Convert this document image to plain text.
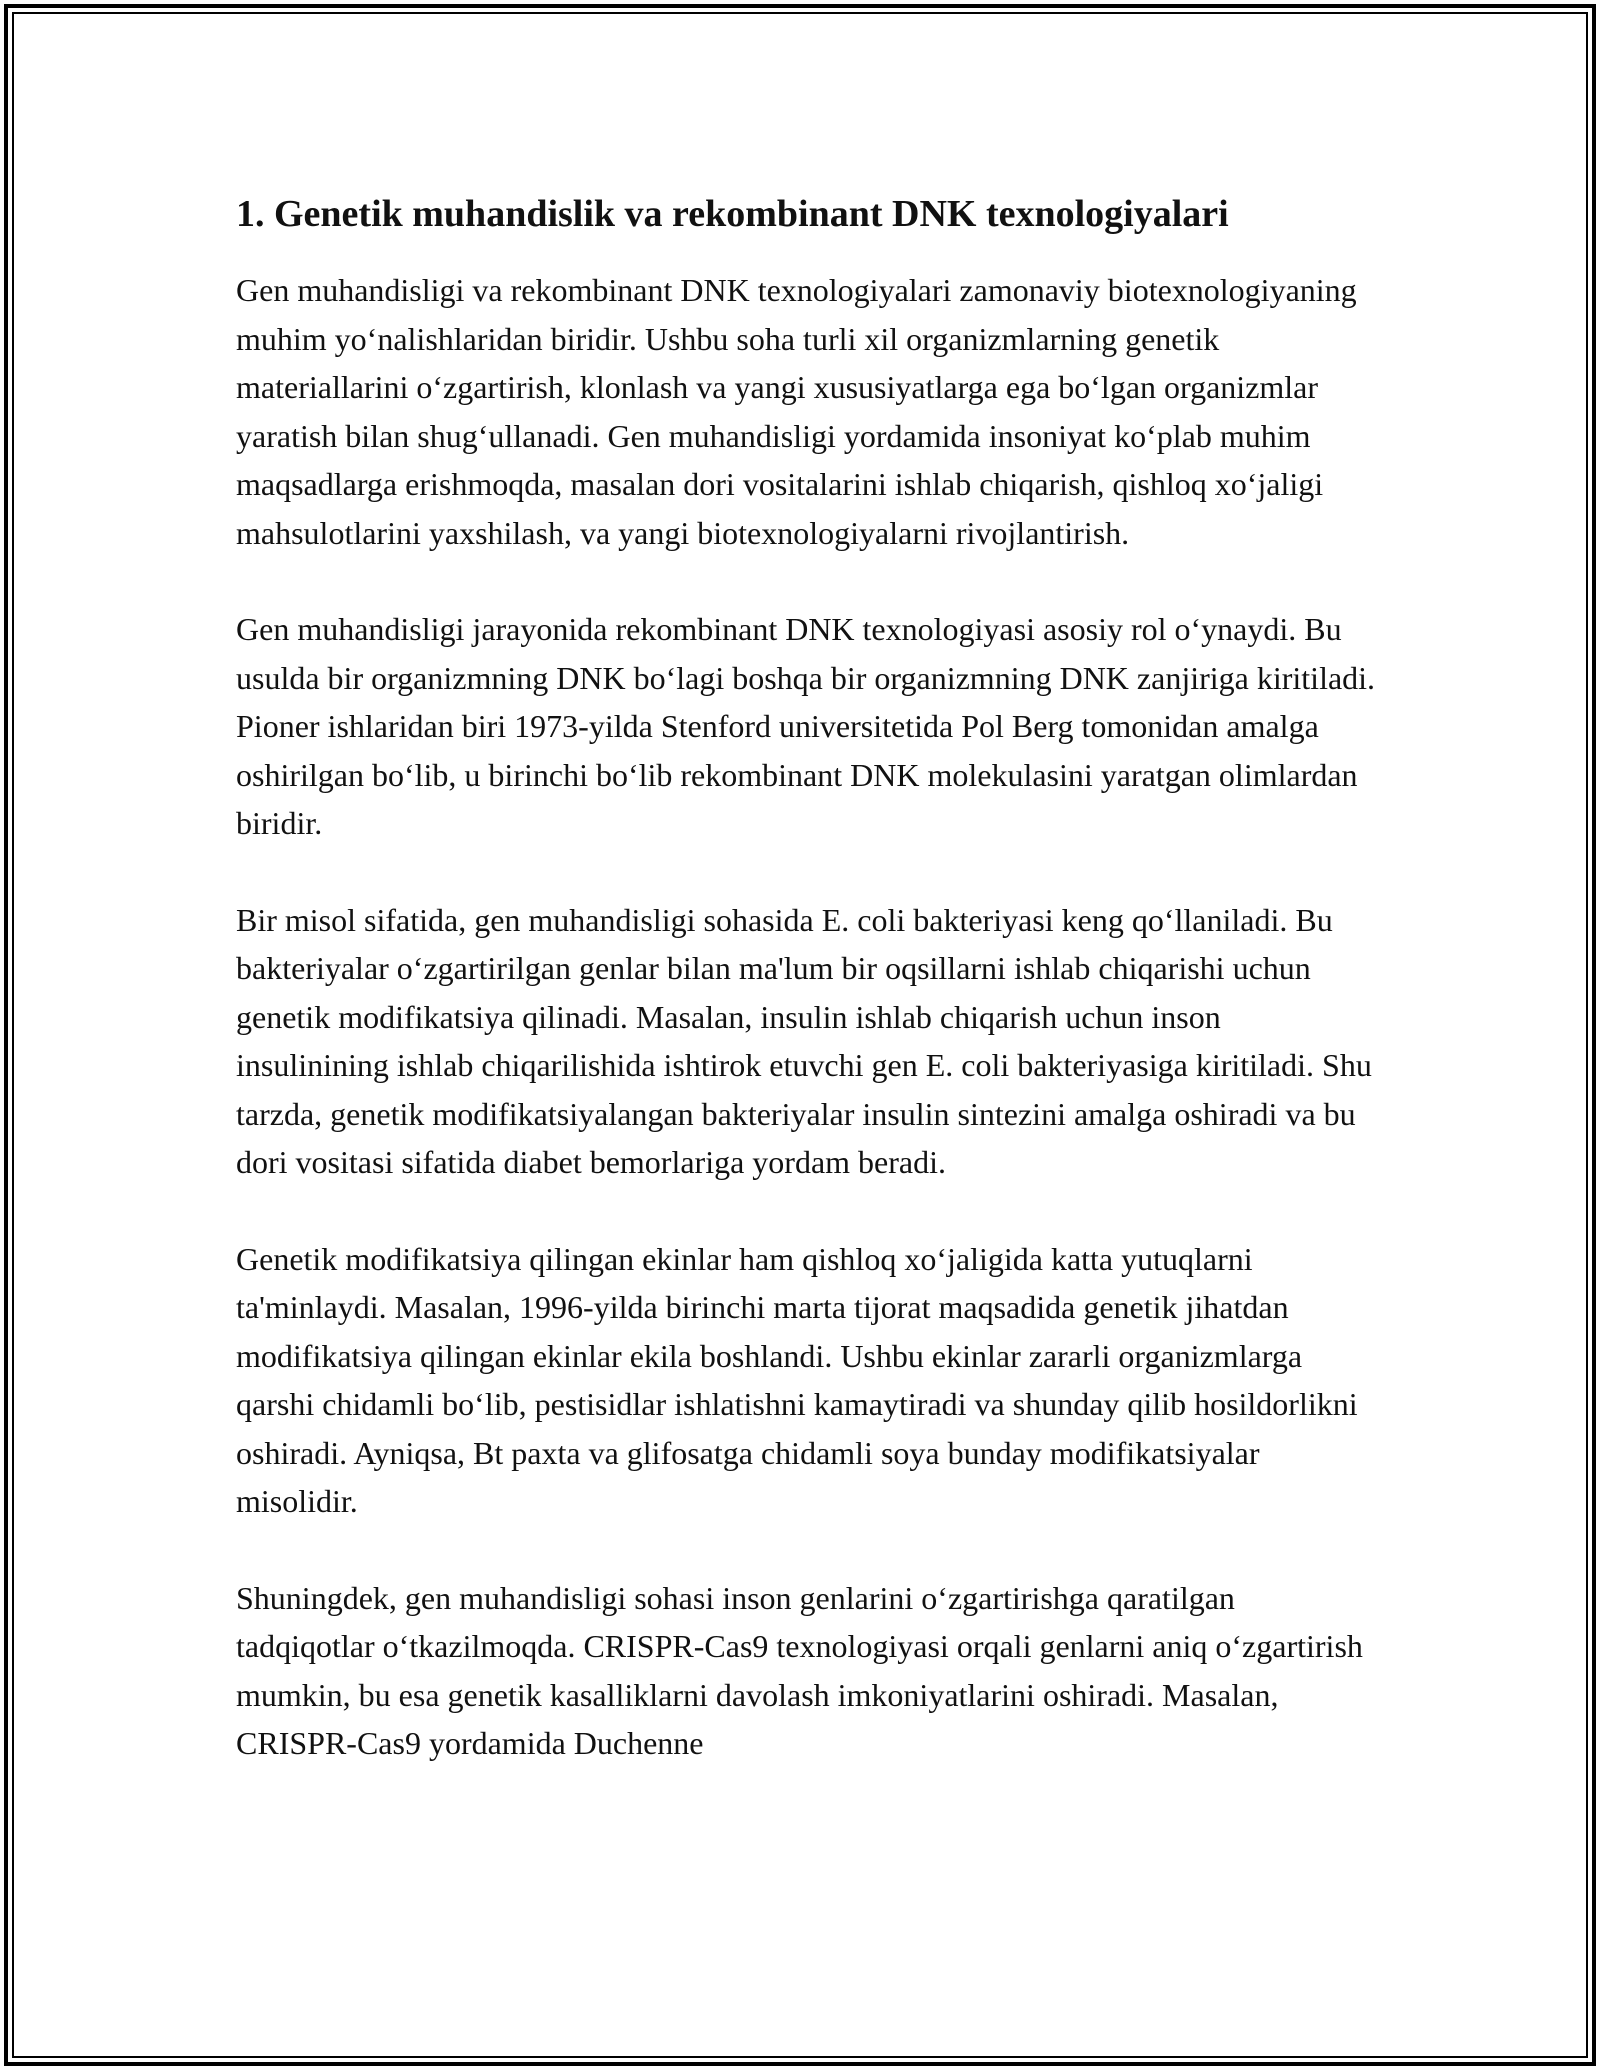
1. Genetik muhandislik va rekombinant DNK texnologiyalari

Gen muhandisligi va rekombinant DNK texnologiyalari zamonaviy biotexnologiyaning muhim yo‘nalishlaridan biridir. Ushbu soha turli xil organizmlarning genetik materiallarini o‘zgartirish, klonlash va yangi xususiyatlarga ega bo‘lgan organizmlar yaratish bilan shug‘ullanadi. Gen muhandisligi yordamida insoniyat ko‘plab muhim maqsadlarga erishmoqda, masalan dori vositalarini ishlab chiqarish, qishloq xo‘jaligi mahsulotlarini yaxshilash, va yangi biotexnologiyalarni rivojlantirish.

Gen muhandisligi jarayonida rekombinant DNK texnologiyasi asosiy rol o‘ynaydi. Bu usulda bir organizmning DNK bo‘lagi boshqa bir organizmning DNK zanjiriga kiritiladi. Pioner ishlaridan biri 1973-yilda Stenford universitetida Pol Berg tomonidan amalga oshirilgan bo‘lib, u birinchi bo‘lib rekombinant DNK molekulasini yaratgan olimlardan biridir.

Bir misol sifatida, gen muhandisligi sohasida E. coli bakteriyasi keng qo‘llaniladi. Bu bakteriyalar o‘zgartirilgan genlar bilan ma'lum bir oqsillarni ishlab chiqarishi uchun genetik modifikatsiya qilinadi. Masalan, insulin ishlab chiqarish uchun inson insulinining ishlab chiqarilishida ishtirok etuvchi gen E. coli bakteriyasiga kiritiladi. Shu tarzda, genetik modifikatsiyalangan bakteriyalar insulin sintezini amalga oshiradi va bu dori vositasi sifatida diabet bemorlariga yordam beradi.

Genetik modifikatsiya qilingan ekinlar ham qishloq xo‘jaligida katta yutuqlarni ta'minlaydi. Masalan, 1996-yilda birinchi marta tijorat maqsadida genetik jihatdan modifikatsiya qilingan ekinlar ekila boshlandi. Ushbu ekinlar zararli organizmlarga qarshi chidamli bo‘lib, pestisidlar ishlatishni kamaytiradi va shunday qilib hosildorlikni oshiradi. Ayniqsa, Bt paxta va glifosatga chidamli soya bunday modifikatsiyalar misolidir.

Shuningdek, gen muhandisligi sohasi inson genlarini o‘zgartirishga qaratilgan tadqiqotlar o‘tkazilmoqda. CRISPR-Cas9 texnologiyasi orqali genlarni aniq o‘zgartirish mumkin, bu esa genetik kasalliklarni davolash imkoniyatlarini oshiradi. Masalan, CRISPR-Cas9 yordamida Duchenne
